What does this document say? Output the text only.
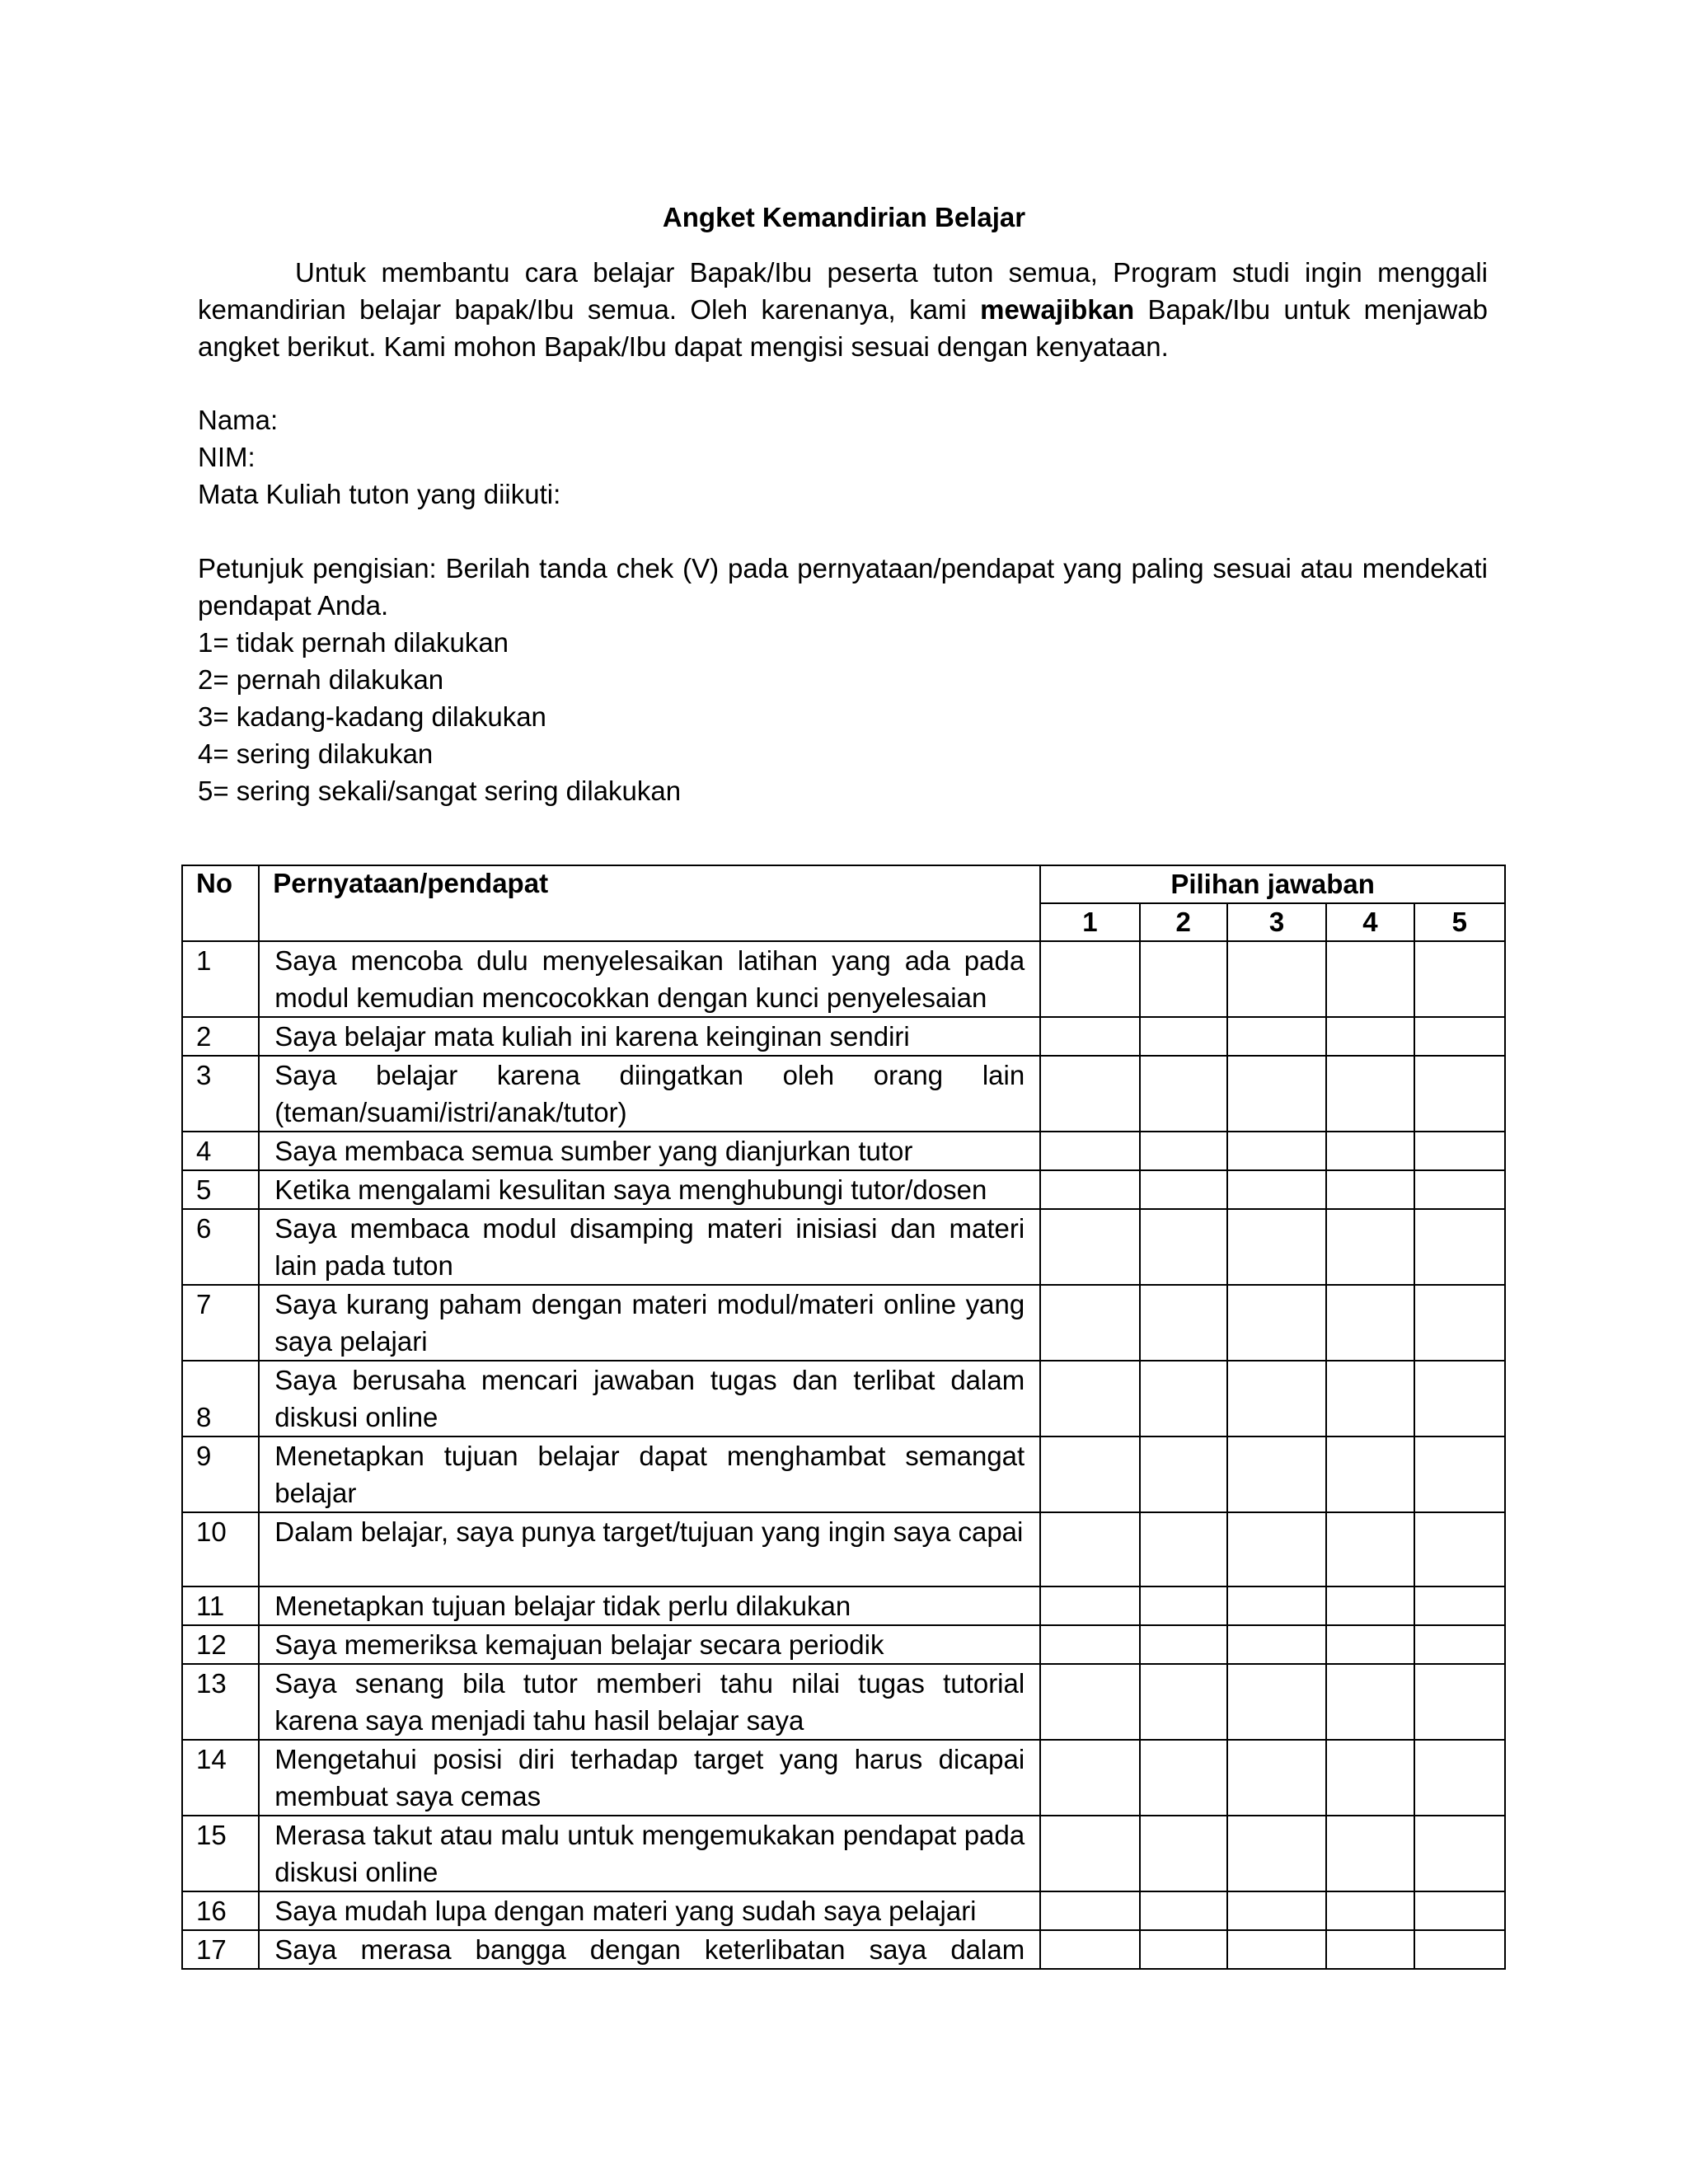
Angket Kemandirian Belajar
Untuk membantu cara belajar Bapak/Ibu peserta tuton semua, Program studi ingin menggali kemandirian belajar bapak/Ibu semua. Oleh karenanya, kami mewajibkan Bapak/Ibu untuk menjawab angket berikut. Kami mohon Bapak/Ibu dapat mengisi sesuai dengan kenyataan.
Nama:
NIM:
Mata Kuliah tuton yang diikuti:
Petunjuk pengisian: Berilah tanda chek (V) pada pernyataan/pendapat yang paling sesuai atau mendekati pendapat Anda.
1= tidak pernah dilakukan
2= pernah dilakukan
3= kadang-kadang dilakukan
4= sering dilakukan
5= sering sekali/sangat sering dilakukan
No	Pernyataan/pendapat	Pilihan jawaban				
		1	2	3	4	5
1	Saya mencoba dulu menyelesaikan latihan yang ada pada modul kemudian mencocokkan dengan kunci penyelesaian					
2	Saya belajar mata kuliah ini karena keinginan sendiri					
3	Saya belajar karena diingatkan oleh orang lain (teman/suami/istri/anak/tutor)					
4	Saya membaca semua sumber yang dianjurkan tutor					
5	Ketika mengalami kesulitan saya menghubungi tutor/dosen					
6	Saya membaca modul disamping materi inisiasi dan materi lain pada tuton					
7	Saya kurang paham dengan materi modul/materi online yang saya pelajari					
8	Saya berusaha mencari jawaban tugas dan terlibat dalam diskusi online					
9	Menetapkan tujuan belajar dapat menghambat semangat belajar					
10	Dalam belajar, saya punya target/tujuan yang ingin saya capai					
11	Menetapkan tujuan belajar tidak perlu dilakukan					
12	Saya memeriksa kemajuan belajar secara periodik					
13	Saya senang bila tutor memberi tahu nilai tugas tutorial karena saya menjadi tahu hasil belajar saya					
14	Mengetahui posisi diri terhadap target yang harus dicapai membuat saya cemas					
15	Merasa takut atau malu untuk mengemukakan pendapat pada diskusi online					
16	Saya mudah lupa dengan materi yang sudah saya pelajari					
17	Saya merasa bangga dengan keterlibatan saya dalam					
